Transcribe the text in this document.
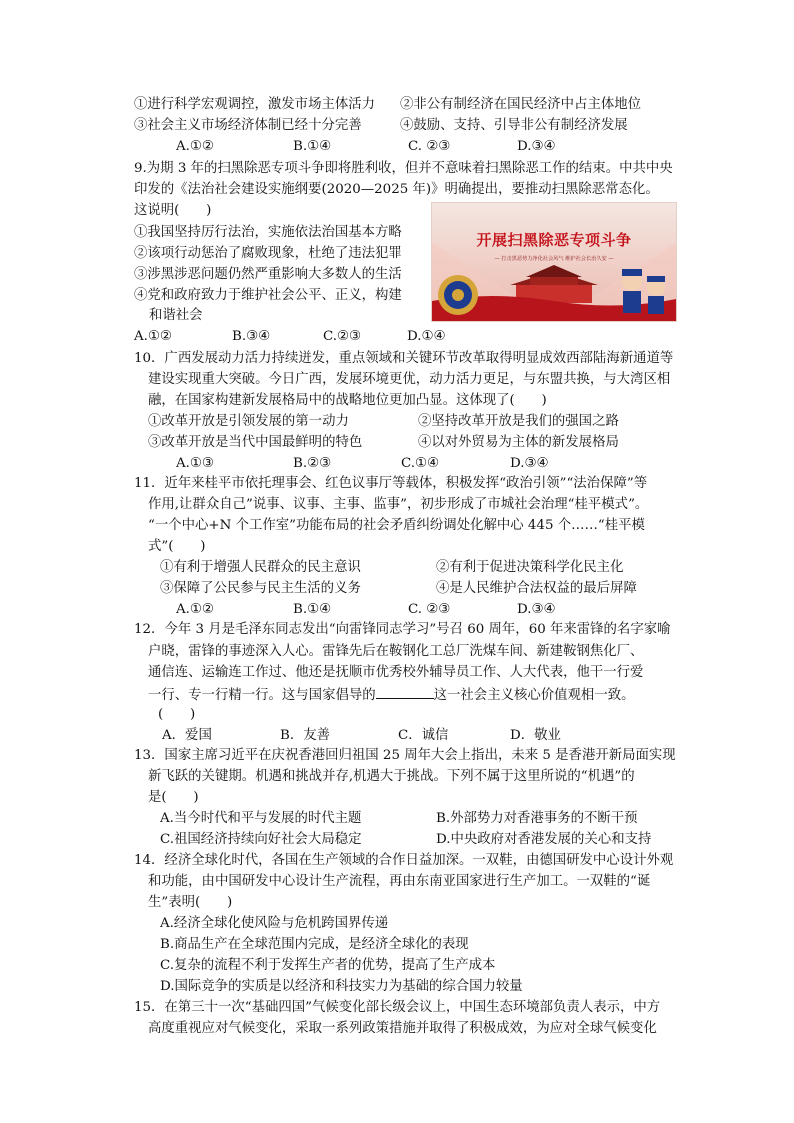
①进行科学宏观调控，激发市场主体活力 ②非公有制经济在国民经济中占主体地位
③社会主义市场经济体制已经十分完善	④鼓励、支持、引导非公有制经济发展
A.①②	B.①④	C. ②③	D.③④
9.为期 3 年的扫黑除恶专项斗争即将胜利收，但并不意味着扫黑除恶工作的结束。中共中央
印发的《法治社会建设实施纲要(2020—2025 年)》明确提出，要推动扫黑除恶常态化。
这说明(　　)
①我国坚持厉行法治，实施依法治国基本方略
②该项行动惩治了腐败现象，杜绝了违法犯罪
③涉黑涉恶问题仍然严重影响大多数人的生活
④党和政府致力于维护社会公平、正义，构建
和谐社会
A.①②	B.③④	C.②③	D.①④
开展扫黑除恶专项斗争
— 打击黑恶势力净化社会风气 维护社会长治久安 —
10．广西发展动力活力持续迸发，重点领域和关键环节改革取得明显成效西部陆海新通道等
建设实现重大突破。今日广西，发展环境更优，动力活力更足，与东盟共换，与大湾区相
融，在国家构建新发展格局中的战略地位更加凸显。这体现了(　　)
①改革开放是引领发展的第一动力	②坚持改革开放是我们的强国之路
③改革开放是当代中国最鲜明的特色	④以对外贸易为主体的新发展格局
A.①③	B.②③	C.①④	D.③④
11．近年来桂平市依托理事会、红色议事厅等载体，积极发挥“政治引领”“法治保障”等
作用,让群众自己”说事、议事、主事、监事”，初步形成了市城社会治理“桂平模式”。
“一个中心+N 个工作室”功能布局的社会矛盾纠纷调处化解中心 445 个……“桂平模
式”(　　)
①有利于增强人民群众的民主意识	②有利于促进决策科学化民主化
③保障了公民参与民主生活的义务	④是人民维护合法权益的最后屏障
A.①②	B.①④	C. ②③	D.③④
12．今年 3 月是毛泽东同志发出“向雷锋同志学习”号召 60 周年，60 年来雷锋的名字家喻
户晓，雷锋的事迹深入人心。雷锋先后在鞍钢化工总厂洗煤车间、新建鞍钢焦化厂、
通信连、运输连工作过、他还是抚顺市优秀校外辅导员工作、人大代表，他干一行爱
一行、专一行精一行。这与国家倡导的	这一社会主义核心价值观相一致。
(　　)
A．爱国	B．友善	C．诚信	D．敬业
13．国家主席习近平在庆祝香港回归祖国 25 周年大会上指出，未来 5 是香港开新局面实现
新飞跃的关键期。机遇和挑战并存,机遇大于挑战。下列不属于这里所说的“机遇”的
是(　　)
A.当今时代和平与发展的时代主题	B.外部势力对香港事务的不断干预
C.祖国经济持续向好社会大局稳定	D.中央政府对香港发展的关心和支持
14．经济全球化时代，各国在生产领域的合作日益加深。一双鞋，由德国研发中心设计外观
和功能，由中国研发中心设计生产流程，再由东南亚国家进行生产加工。一双鞋的“诞
生”表明(　　)
A.经济全球化使风险与危机跨国界传递
B.商品生产在全球范围内完成，是经济全球化的表现
C.复杂的流程不利于发挥生产者的优势，提高了生产成本
D.国际竞争的实质是以经济和科技实力为基础的综合国力较量
15．在第三十一次“基础四国”气候变化部长级会议上，中国生态环境部负责人表示，中方
高度重视应对气候变化，采取一系列政策措施并取得了积极成效，为应对全球气候变化
